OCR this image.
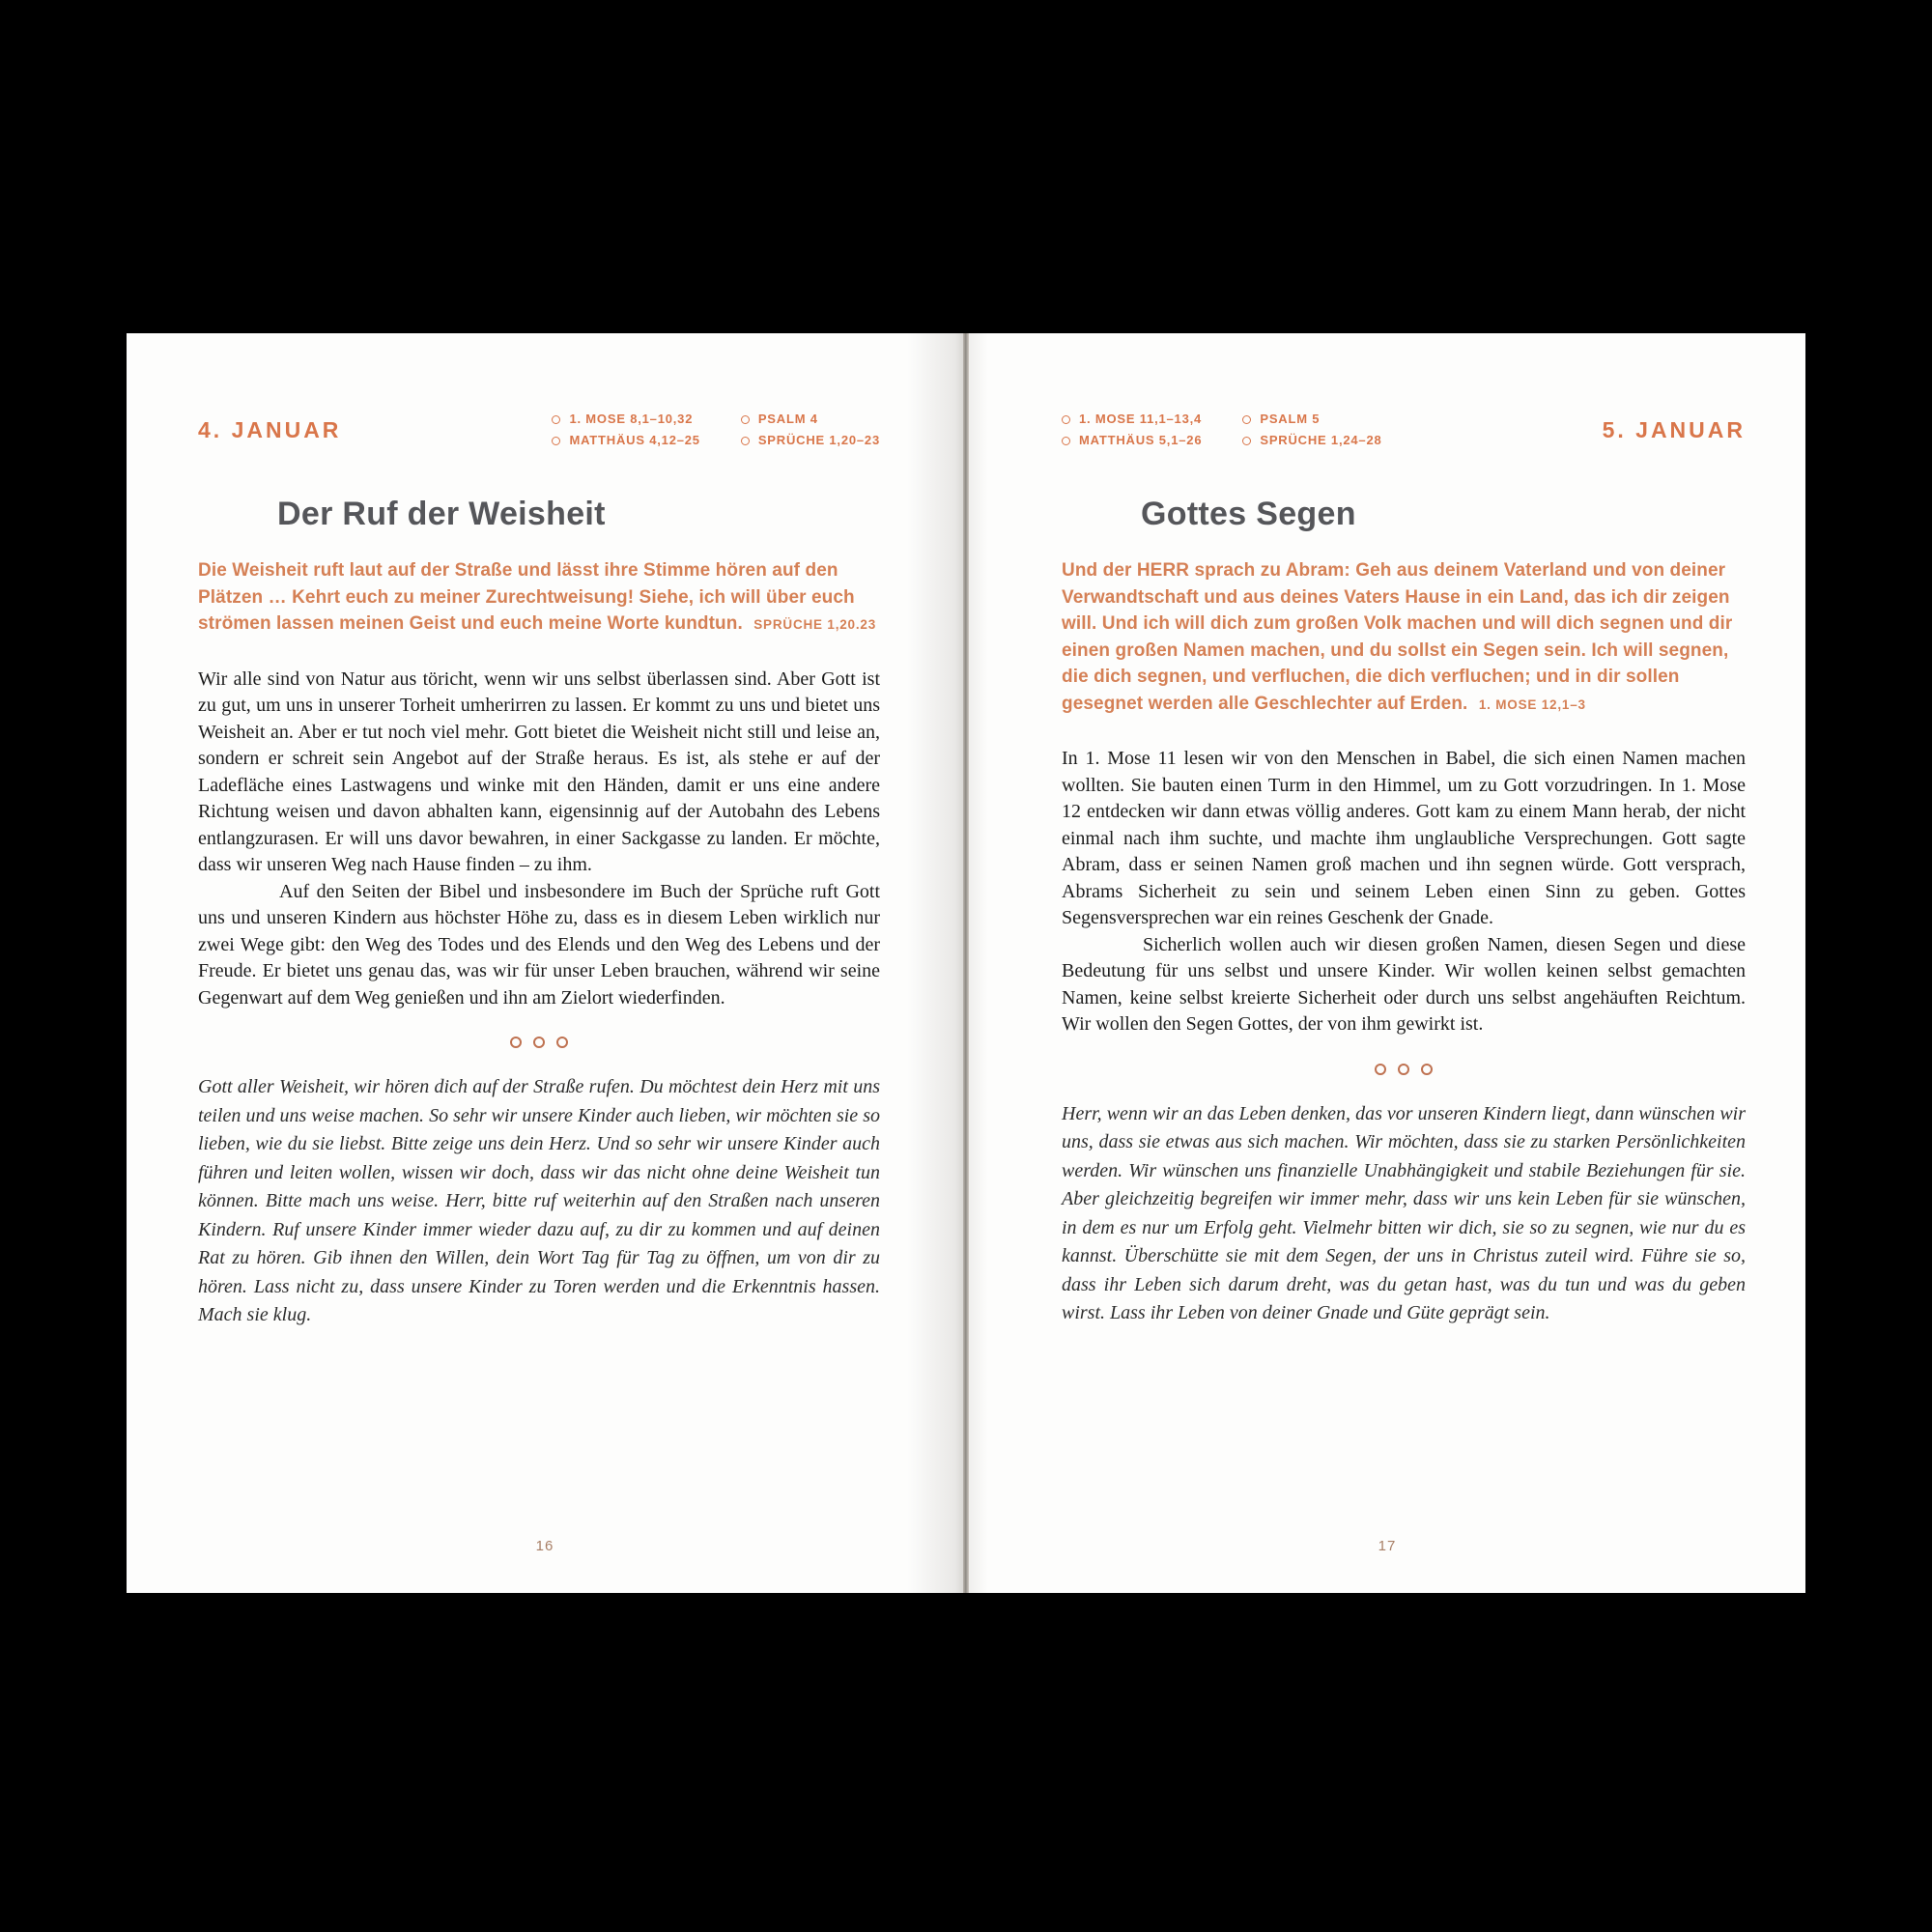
4. JANUAR	1. MOSE 8,1–10,32
MATTHÄUS 4,12–25
PSALM 4
SPRÜCHE 1,20–23
Der Ruf der Weisheit
Die Weisheit ruft laut auf der Straße und lässt ihre Stimme hören auf den Plätzen … Kehrt euch zu meiner Zurechtweisung! Siehe, ich will über euch strömen lassen meinen Geist und euch meine Worte kundtun. SPRÜCHE 1,20.23

Wir alle sind von Natur aus töricht, wenn wir uns selbst überlassen sind. Aber Gott ist zu gut, um uns in unserer Torheit umherirren zu lassen. Er kommt zu uns und bietet uns Weisheit an. Aber er tut noch viel mehr. Gott bietet die Weisheit nicht still und leise an, sondern er schreit sein Angebot auf der Straße heraus. Es ist, als stehe er auf der Ladefläche eines Lastwagens und winke mit den Händen, damit er uns eine andere Richtung weisen und davon abhalten kann, eigensinnig auf der Autobahn des Lebens entlangzurasen. Er will uns davor bewahren, in einer Sackgasse zu landen. Er möchte, dass wir unseren Weg nach Hause finden – zu ihm.

Auf den Seiten der Bibel und insbesondere im Buch der Sprüche ruft Gott uns und unseren Kindern aus höchster Höhe zu, dass es in diesem Leben wirklich nur zwei Wege gibt: den Weg des Todes und des Elends und den Weg des Lebens und der Freude. Er bietet uns genau das, was wir für unser Leben brauchen, während wir seine Gegenwart auf dem Weg genießen und ihn am Zielort wiederfinden.

Gott aller Weisheit, wir hören dich auf der Straße rufen. Du möchtest dein Herz mit uns teilen und uns weise machen. So sehr wir unsere Kinder auch lieben, wir möchten sie so lieben, wie du sie liebst. Bitte zeige uns dein Herz. Und so sehr wir unsere Kinder auch führen und leiten wollen, wissen wir doch, dass wir das nicht ohne deine Weisheit tun können. Bitte mach uns weise. Herr, bitte ruf weiterhin auf den Straßen nach unseren Kindern. Ruf unsere Kinder immer wieder dazu auf, zu dir zu kommen und auf deinen Rat zu hören. Gib ihnen den Willen, dein Wort Tag für Tag zu öffnen, um von dir zu hören. Lass nicht zu, dass unsere Kinder zu Toren werden und die Erkenntnis hassen. Mach sie klug.
16
1. MOSE 11,1–13,4
MATTHÄUS 5,1–26
PSALM 5
SPRÜCHE 1,24–28	5. JANUAR
Gottes Segen
Und der HERR sprach zu Abram: Geh aus deinem Vaterland und von deiner Verwandtschaft und aus deines Vaters Hause in ein Land, das ich dir zeigen will. Und ich will dich zum großen Volk machen und will dich segnen und dir einen großen Namen machen, und du sollst ein Segen sein. Ich will segnen, die dich segnen, und verfluchen, die dich verfluchen; und in dir sollen gesegnet werden alle Geschlechter auf Erden. 1. MOSE 12,1–3

In 1. Mose 11 lesen wir von den Menschen in Babel, die sich einen Namen machen wollten. Sie bauten einen Turm in den Himmel, um zu Gott vorzudringen. In 1. Mose 12 entdecken wir dann etwas völlig anderes. Gott kam zu einem Mann herab, der nicht einmal nach ihm suchte, und machte ihm unglaubliche Versprechungen. Gott sagte Abram, dass er seinen Namen groß machen und ihn segnen würde. Gott versprach, Abrams Sicherheit zu sein und seinem Leben einen Sinn zu geben. Gottes Segensversprechen war ein reines Geschenk der Gnade.

Sicherlich wollen auch wir diesen großen Namen, diesen Segen und diese Bedeutung für uns selbst und unsere Kinder. Wir wollen keinen selbst gemachten Namen, keine selbst kreierte Sicherheit oder durch uns selbst angehäuften Reichtum. Wir wollen den Segen Gottes, der von ihm gewirkt ist.

Herr, wenn wir an das Leben denken, das vor unseren Kindern liegt, dann wünschen wir uns, dass sie etwas aus sich machen. Wir möchten, dass sie zu starken Persönlichkeiten werden. Wir wünschen uns finanzielle Unabhängigkeit und stabile Beziehungen für sie. Aber gleichzeitig begreifen wir immer mehr, dass wir uns kein Leben für sie wünschen, in dem es nur um Erfolg geht. Vielmehr bitten wir dich, sie so zu segnen, wie nur du es kannst. Überschütte sie mit dem Segen, der uns in Christus zuteil wird. Führe sie so, dass ihr Leben sich darum dreht, was du getan hast, was du tun und was du geben wirst. Lass ihr Leben von deiner Gnade und Güte geprägt sein.
17
